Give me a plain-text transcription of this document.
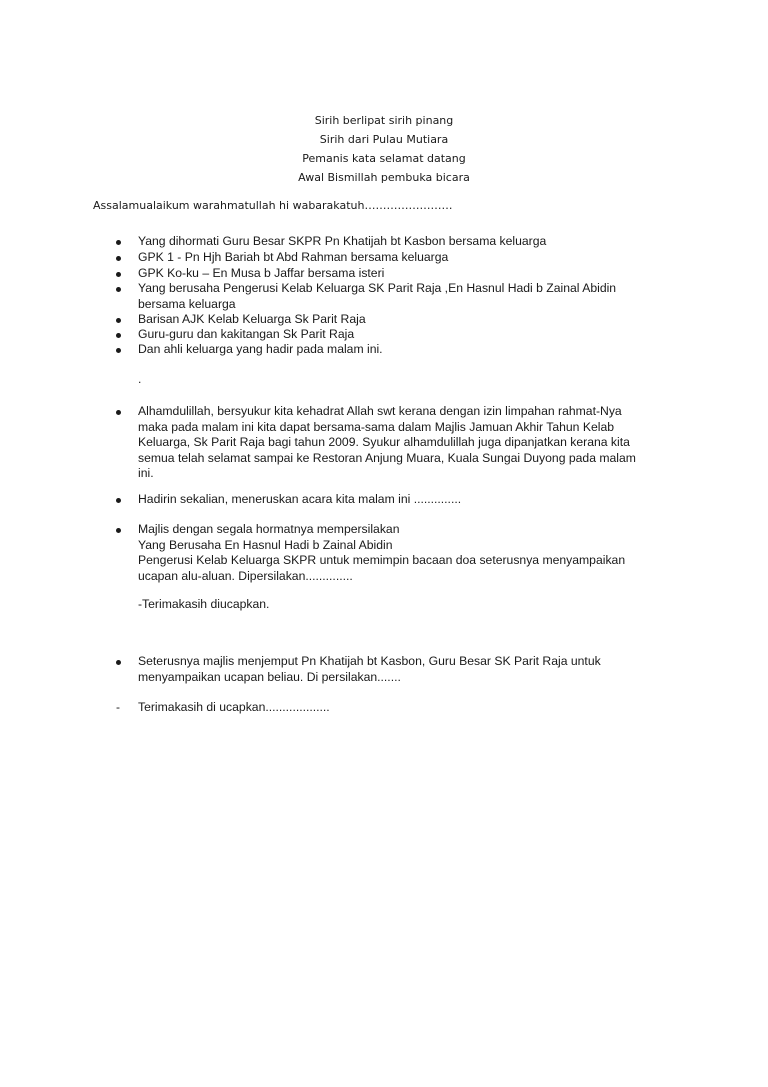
Sirih berlipat sirih pinang
Sirih dari Pulau Mutiara
Pemanis kata selamat datang
Awal Bismillah pembuka bicara
Assalamualaikum warahmatullah hi wabarakatuh……………………
Yang dihormati Guru Besar SKPR Pn Khatijah bt Kasbon bersama keluarga
GPK 1 - Pn Hjh Bariah bt Abd Rahman bersama keluarga
GPK Ko-ku – En Musa b Jaffar bersama isteri
Yang berusaha Pengerusi Kelab Keluarga SK Parit Raja ,En Hasnul Hadi b Zainal Abidin
bersama keluarga
Barisan AJK Kelab Keluarga Sk Parit Raja
Guru-guru dan kakitangan Sk Parit Raja
Dan ahli keluarga yang hadir pada malam ini.
.
Alhamdulillah, bersyukur kita kehadrat Allah swt kerana dengan izin limpahan rahmat-Nya
maka pada malam ini kita dapat bersama-sama dalam Majlis Jamuan Akhir Tahun Kelab
Keluarga, Sk Parit Raja bagi tahun 2009. Syukur alhamdulillah juga dipanjatkan kerana kita
semua telah selamat sampai ke Restoran Anjung Muara, Kuala Sungai Duyong pada malam
ini.
Hadirin sekalian, meneruskan acara kita malam ini ..............
Majlis dengan segala hormatnya mempersilakan
Yang Berusaha En Hasnul Hadi b Zainal Abidin
Pengerusi Kelab Keluarga SKPR untuk memimpin bacaan doa seterusnya menyampaikan
ucapan alu-aluan. Dipersilakan..............
-Terimakasih diucapkan.
Seterusnya majlis menjemput Pn Khatijah bt Kasbon, Guru Besar SK Parit Raja untuk
menyampaikan ucapan beliau. Di persilakan.......
-	Terimakasih di ucapkan...................
